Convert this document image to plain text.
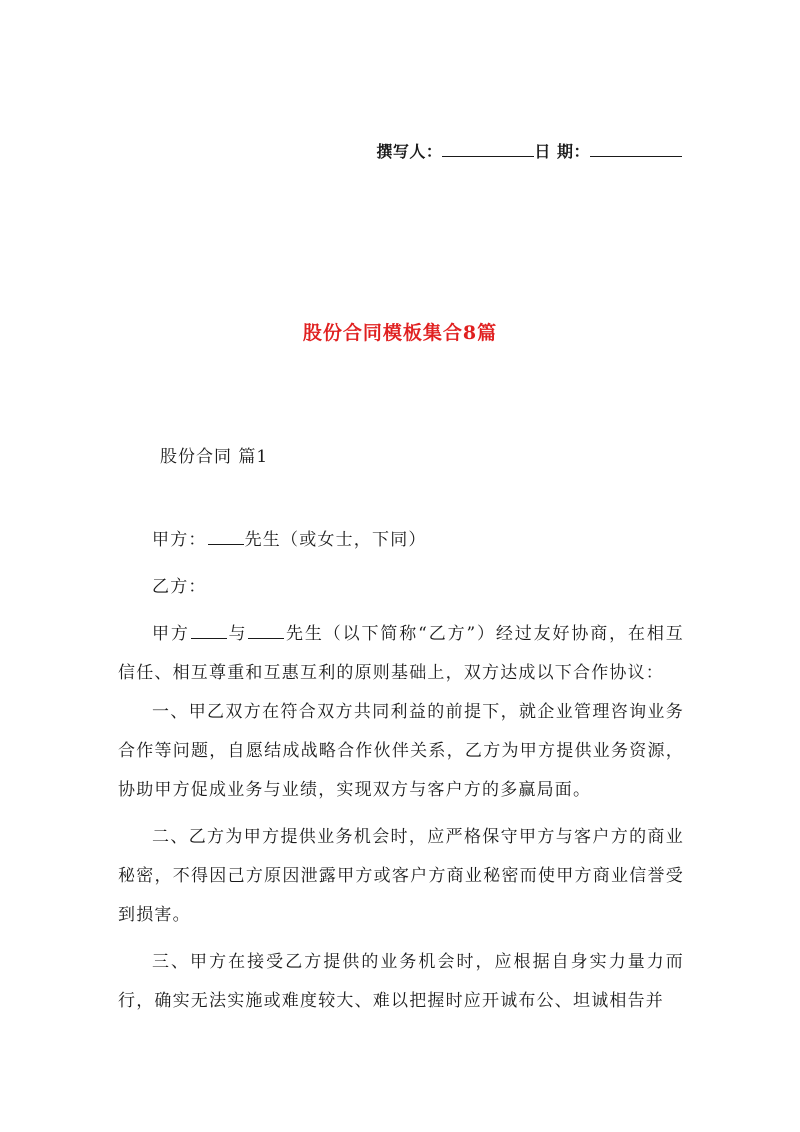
撰写人：	日 期：
股份合同模板集合8篇
股份合同 篇1

甲方： 先生（或女士，下同）

乙方：

甲方 与 先生（以下简称“乙方”）经过友好协商，在相互信任、相互尊重和互惠互利的原则基础上，双方达成以下合作协议：

一、甲乙双方在符合双方共同利益的前提下，就企业管理咨询业务合作等问题，自愿结成战略合作伙伴关系，乙方为甲方提供业务资源，协助甲方促成业务与业绩，实现双方与客户方的多赢局面。

二、乙方为甲方提供业务机会时，应严格保守甲方与客户方的商业秘密，不得因己方原因泄露甲方或客户方商业秘密而使甲方商业信誉受到损害。

三、甲方在接受乙方提供的业务机会时，应根据自身实力量力而行，确实无法实施或难度较大、难以把握时应开诚布公、坦诚相告并
